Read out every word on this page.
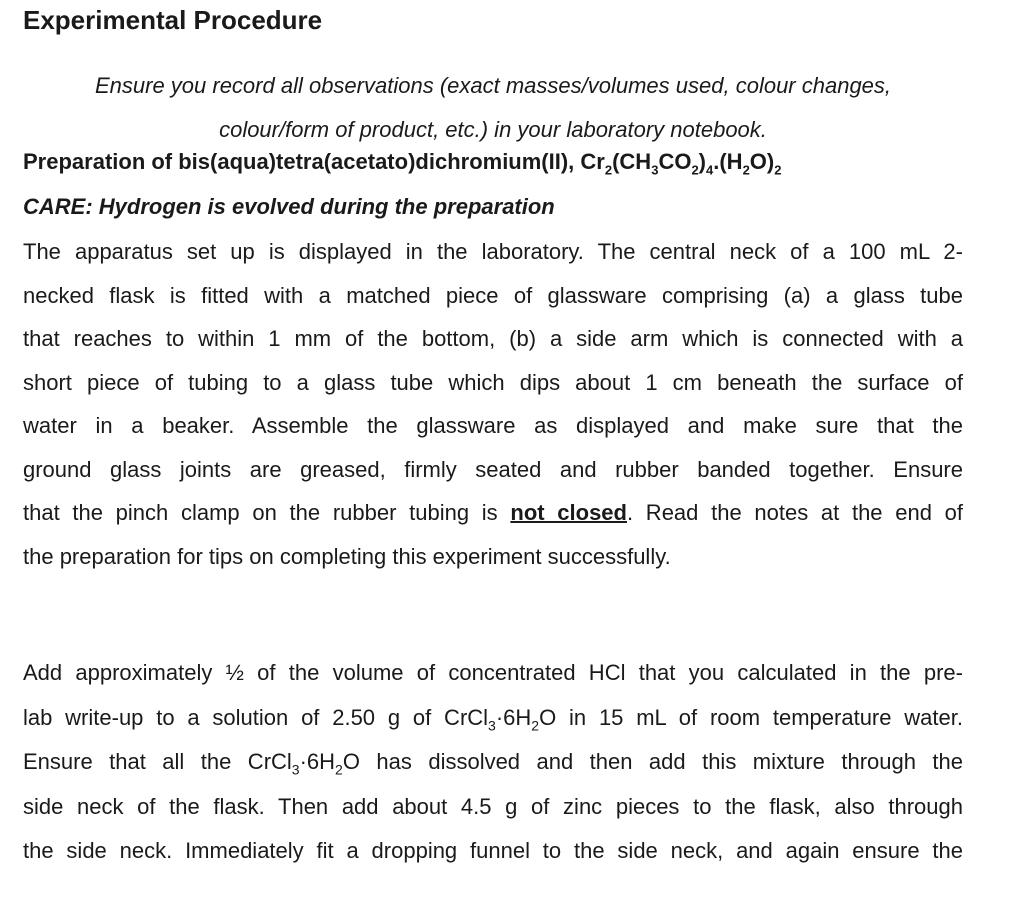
Experimental Procedure
Ensure you record all observations (exact masses/volumes used, colour changes,
colour/form of product, etc.) in your laboratory notebook.
Preparation of bis(aqua)tetra(acetato)dichromium(II), $Cr_2(CH_3CO_2)_4.(H_2O)_2$

CARE: Hydrogen is evolved during the preparation

The apparatus set up is displayed in the laboratory. The central neck of a 100 mL 2-
necked flask is fitted with a matched piece of glassware comprising (a) a glass tube
that reaches to within 1 mm of the bottom, (b) a side arm which is connected with a
short piece of tubing to a glass tube which dips about 1 cm beneath the surface of
water in a beaker. Assemble the glassware as displayed and make sure that the
ground glass joints are greased, firmly seated and rubber banded together. Ensure
that the pinch clamp on the rubber tubing is not closed. Read the notes at the end of
the preparation for tips on completing this experiment successfully.
Add approximately ½ of the volume of concentrated HCl that you calculated in the pre-
lab write-up to a solution of 2.50 g of $CrCl_3\cdot 6H_2O$ in 15 mL of room temperature water.
Ensure that all the $CrCl_3\cdot 6H_2O$ has dissolved and then add this mixture through the
side neck of the flask. Then add about 4.5 g of zinc pieces to the flask, also through
the side neck. Immediately fit a dropping funnel to the side neck, and again ensure the
